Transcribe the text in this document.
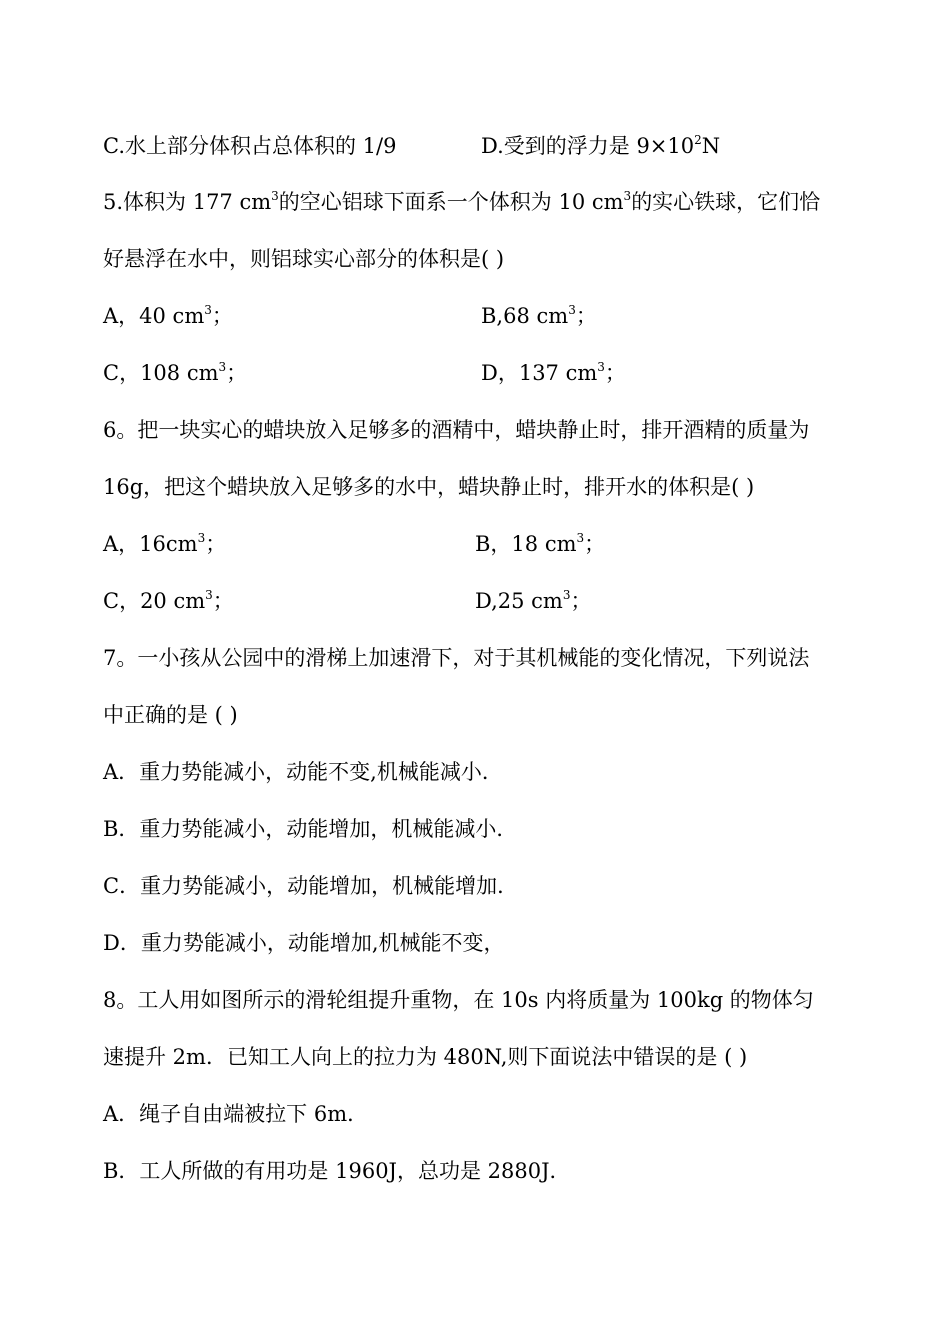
C.水上部分体积占总体积的 1/9	D.受到的浮力是 $9\times 10^2N$
5.体积为 177 $cm^3$的空心铝球下面系一个体积为 10 $cm^3$的实心铁球，它们恰
好悬浮在水中，则铝球实心部分的体积是( )
A，40 $cm^3$；	B,68 $cm^3$；
C，108 $cm^3$；	D，137 $cm^3$；
6。把一块实心的蜡块放入足够多的酒精中，蜡块静止时，排开酒精的质量为
16g，把这个蜡块放入足够多的水中，蜡块静止时，排开水的体积是( )
A，$16cm^3$；	B，18 $cm^3$；
C，20 $cm^3$；	D,25 $cm^3$；
7。一小孩从公园中的滑梯上加速滑下，对于其机械能的变化情况，下列说法
中正确的是 ( )
A．重力势能减小，动能不变,机械能减小．
B．重力势能减小，动能增加，机械能减小．
C．重力势能减小，动能增加，机械能增加．
D．重力势能减小，动能增加,机械能不变，
8。工人用如图所示的滑轮组提升重物，在 10s 内将质量为 100kg 的物体匀
速提升 2m．已知工人向上的拉力为 480N,则下面说法中错误的是 ( )
A．绳子自由端被拉下 6m．
B．工人所做的有用功是 1960J，总功是 2880J．
